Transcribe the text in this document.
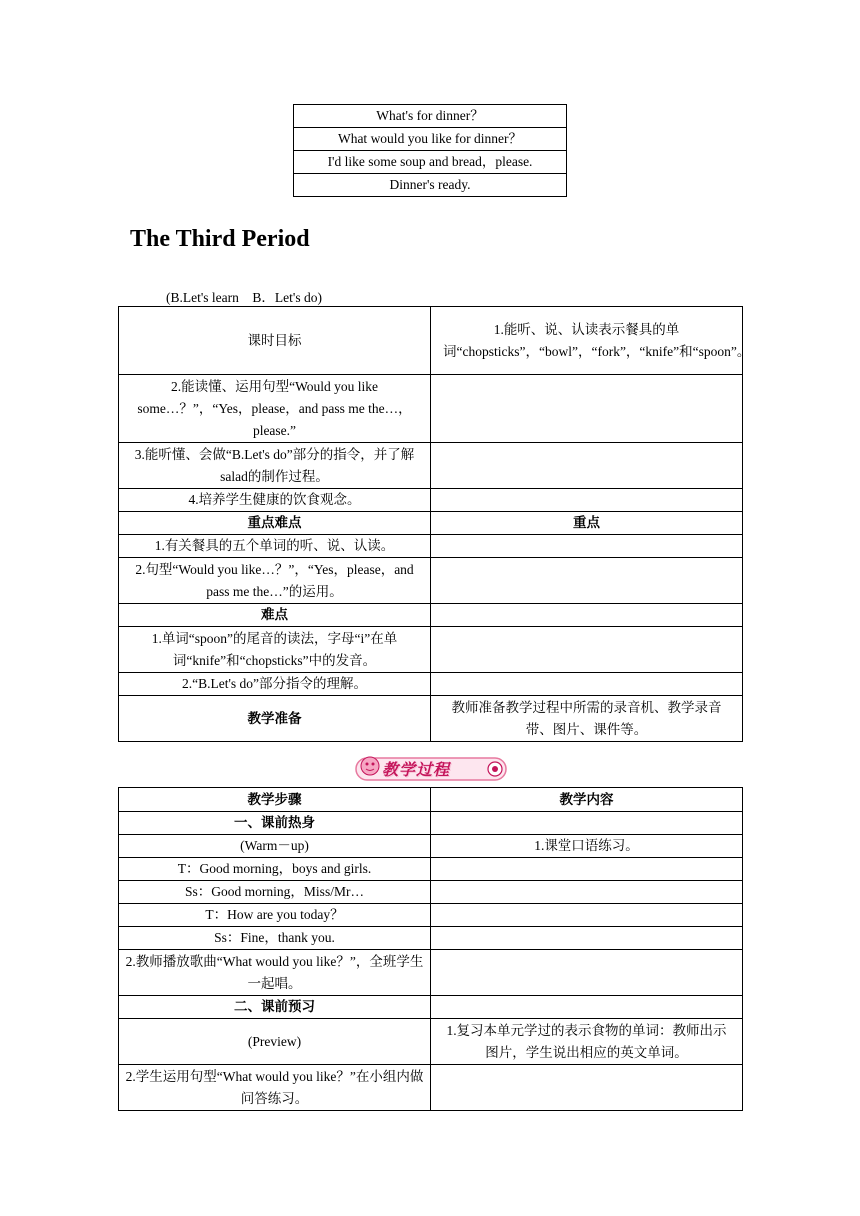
What's for dinner？
What would you like for dinner？
I'd like some soup and bread，please.
Dinner's ready.
The Third Period
(B.Let's learn　B．Let's do)
课时目标	1.能听、说、认读表示餐具的单词“chopsticks”，“bowl”，“fork”，“knife”和“spoon”。
2.能读懂、运用句型“Would you like some…？”，“Yes，please，and pass me the…，please.”	
3.能听懂、会做“B.Let's do”部分的指令，并了解salad的制作过程。	
4.培养学生健康的饮食观念。	
重点难点	重点
1.有关餐具的五个单词的听、说、认读。	
2.句型“Would you like…？”，“Yes，please，and pass me the…”的运用。	
难点	
1.单词“spoon”的尾音的读法，字母“i”在单词“knife”和“chopsticks”中的发音。	
2.“B.Let's do”部分指令的理解。	
教学准备	教师准备教学过程中所需的录音机、教学录音带、图片、课件等。
教学过程
教学步骤	教学内容
一、课前热身	
(Warm－up)	1.课堂口语练习。
T：Good morning，boys and girls.	
Ss：Good morning，Miss/Mr…	
T：How are you today？	
Ss：Fine，thank you.	
2.教师播放歌曲“What would you like？”，全班学生一起唱。	
二、课前预习	
(Preview)	1.复习本单元学过的表示食物的单词：教师出示图片，学生说出相应的英文单词。
2.学生运用句型“What would you like？”在小组内做问答练习。	
